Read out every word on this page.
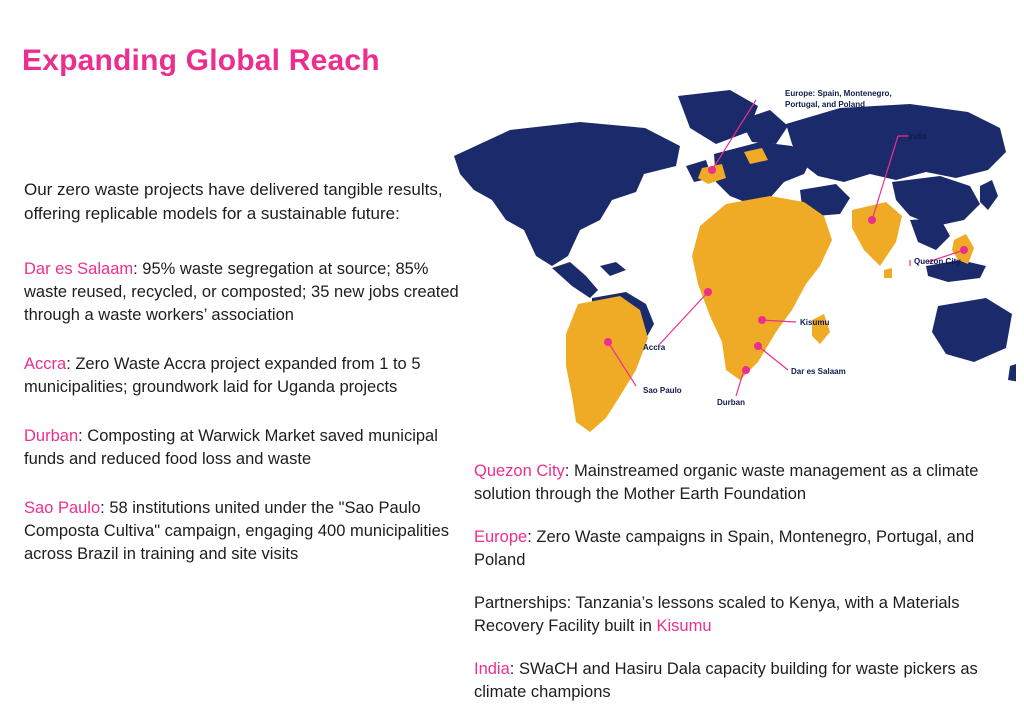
Expanding Global Reach
Our zero waste projects have delivered tangible results, offering replicable models for a sustainable future:
Dar es Salaam: 95% waste segregation at source; 85% waste reused, recycled, or composted; 35 new jobs created through a waste workers’ association
Accra: Zero Waste Accra project expanded from 1 to 5 municipalities; groundwork laid for Uganda projects
Durban: Composting at Warwick Market saved municipal funds and reduced food loss and waste
Sao Paulo: 58 institutions united under the "Sao Paulo Composta Cultiva" campaign, engaging 400 municipalities across Brazil in training and site visits
Quezon City: Mainstreamed organic waste management as a climate solution through the Mother Earth Foundation
Europe: Zero Waste campaigns in Spain, Montenegro, Portugal, and Poland
Partnerships: Tanzania’s lessons scaled to Kenya, with a Materials Recovery Facility built in Kisumu
India: SWaCH and Hasiru Dala capacity building for waste pickers as climate champions
Europe: Spain, Montenegro,
Portugal, and Poland
India
Quezon City
Kisumu
Accra
Dar es Salaam
Durban
Sao Paulo
